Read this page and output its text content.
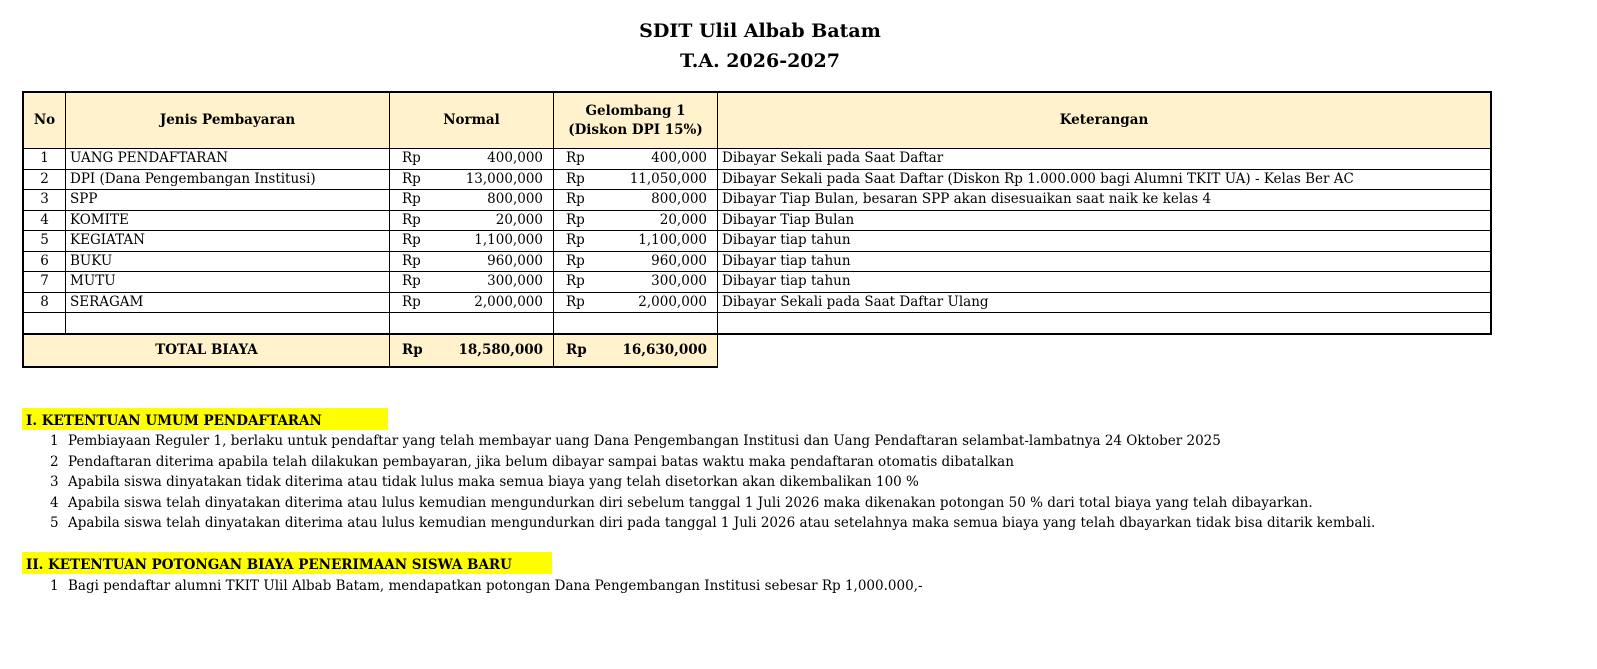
SDIT Ulil Albab Batam
T.A. 2026-2027
No	Jenis Pembayaran	Normal	Gelombang 1 (Diskon DPI 15%)	Keterangan
1	UANG PENDAFTARAN	Rp 400,000	Rp 400,000	Dibayar Sekali pada Saat Daftar
2	DPI (Dana Pengembangan Institusi)	Rp 13,000,000	Rp 11,050,000	Dibayar Sekali pada Saat Daftar (Diskon Rp 1.000.000 bagi Alumni TKIT UA) - Kelas Ber AC
3	SPP	Rp 800,000	Rp 800,000	Dibayar Tiap Bulan, besaran SPP akan disesuaikan saat naik ke kelas 4
4	KOMITE	Rp 20,000	Rp 20,000	Dibayar Tiap Bulan
5	KEGIATAN	Rp 1,100,000	Rp 1,100,000	Dibayar tiap tahun
6	BUKU	Rp 960,000	Rp 960,000	Dibayar tiap tahun
7	MUTU	Rp 300,000	Rp 300,000	Dibayar tiap tahun
8	SERAGAM	Rp 2,000,000	Rp 2,000,000	Dibayar Sekali pada Saat Daftar Ulang

TOTAL BIAYA		Rp 18,580,000	Rp 16,630,000	

I. KETENTUAN UMUM PENDAFTARAN
1 Pembiayaan Reguler 1, berlaku untuk pendaftar yang telah membayar uang Dana Pengembangan Institusi dan Uang Pendaftaran selambat-lambatnya 24 Oktober 2025
2 Pendaftaran diterima apabila telah dilakukan pembayaran, jika belum dibayar sampai batas waktu maka pendaftaran otomatis dibatalkan
3 Apabila siswa dinyatakan tidak diterima atau tidak lulus maka semua biaya yang telah disetorkan akan dikembalikan 100 %
4 Apabila siswa telah dinyatakan diterima atau lulus kemudian mengundurkan diri sebelum tanggal 1 Juli 2026 maka dikenakan potongan 50 % dari total biaya yang telah dibayarkan.
5 Apabila siswa telah dinyatakan diterima atau lulus kemudian mengundurkan diri pada tanggal 1 Juli 2026 atau setelahnya maka semua biaya yang telah dbayarkan tidak bisa ditarik kembali.
II. KETENTUAN POTONGAN BIAYA PENERIMAAN SISWA BARU
1 Bagi pendaftar alumni TKIT Ulil Albab Batam, mendapatkan potongan Dana Pengembangan Institusi sebesar Rp 1,000.000,-
